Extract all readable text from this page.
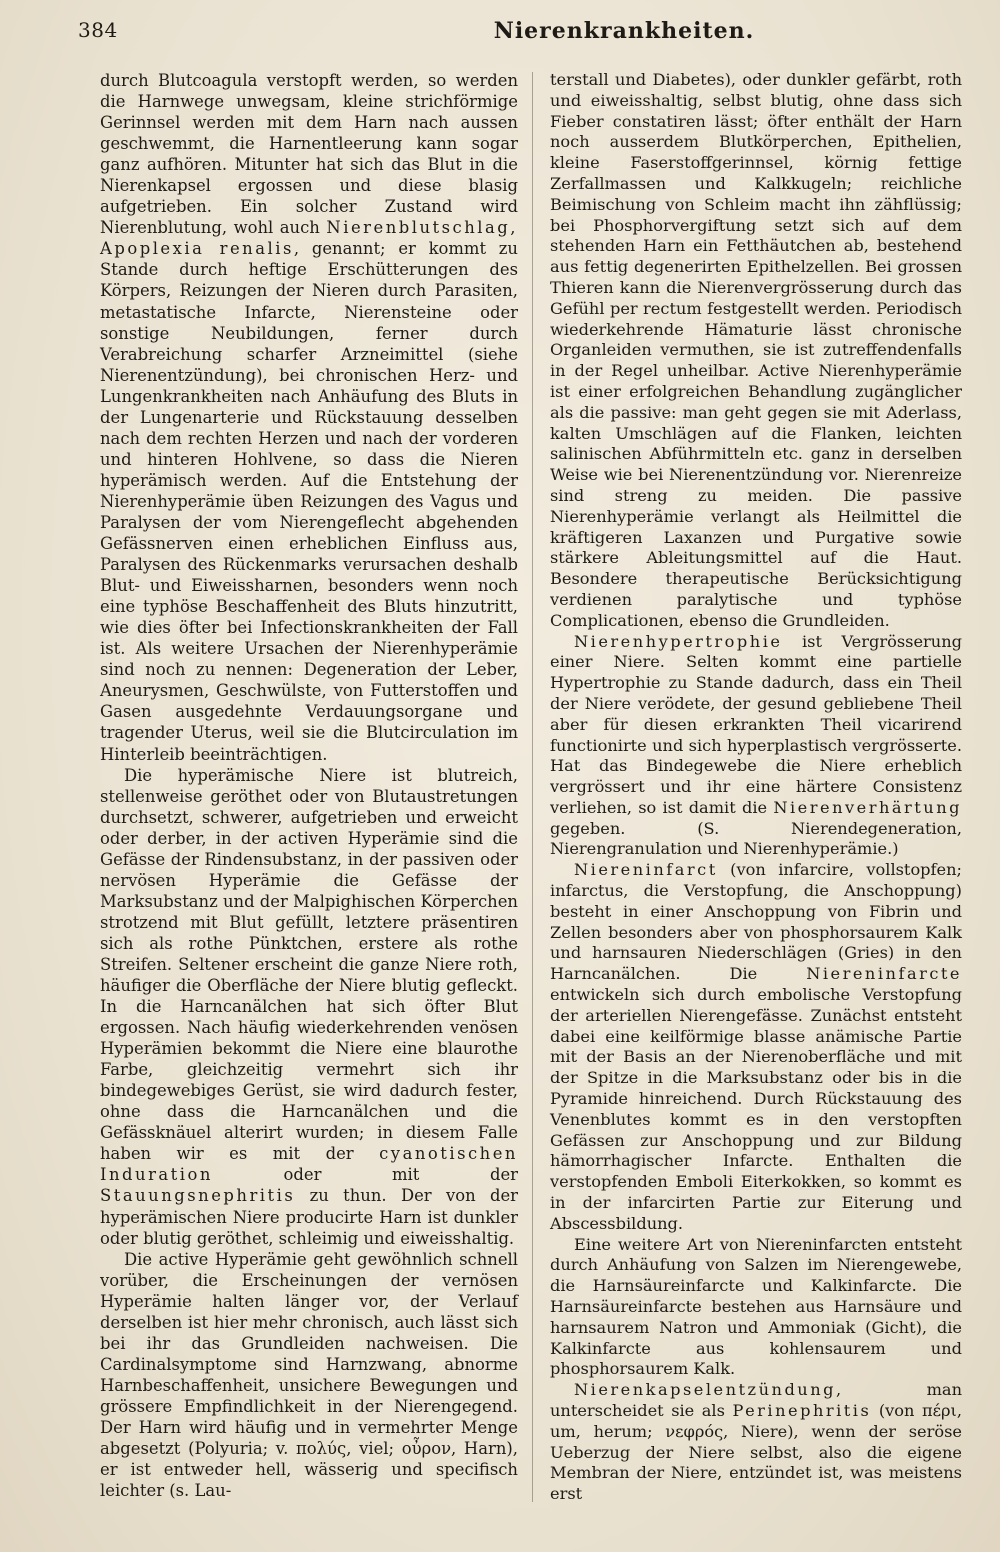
384	Nierenkrankheiten.

durch Blutcoagula verstopft werden, so werden die Harnwege unwegsam, kleine strichförmige Gerinnsel werden mit dem Harn nach aussen geschwemmt, die Harnentleerung kann sogar ganz aufhören. Mitunter hat sich das Blut in die Nierenkapsel ergossen und diese blasig aufgetrieben. Ein solcher Zustand wird Nierenblutung, wohl auch Nierenblutschlag, Apoplexia renalis, genannt; er kommt zu Stande durch heftige Erschütterungen des Körpers, Reizungen der Nieren durch Parasiten, metastatische Infarcte, Nierensteine oder sonstige Neubildungen, ferner durch Verabreichung scharfer Arzneimittel (siehe Nierenentzündung), bei chronischen Herz- und Lungenkrankheiten nach Anhäufung des Bluts in der Lungenarterie und Rückstauung desselben nach dem rechten Herzen und nach der vorderen und hinteren Hohlvene, so dass die Nieren hyperämisch werden. Auf die Entstehung der Nierenhyperämie üben Reizungen des Vagus und Paralysen der vom Nierengeflecht abgehenden Gefässnerven einen erheblichen Einfluss aus, Paralysen des Rückenmarks verursachen deshalb Blut- und Eiweissharnen, besonders wenn noch eine typhöse Beschaffenheit des Bluts hinzutritt, wie dies öfter bei Infectionskrankheiten der Fall ist. Als weitere Ursachen der Nierenhyperämie sind noch zu nennen: Degeneration der Leber, Aneurysmen, Geschwülste, von Futterstoffen und Gasen ausgedehnte Verdauungsorgane und tragender Uterus, weil sie die Blutcirculation im Hinterleib beeinträchtigen.

Die hyperämische Niere ist blutreich, stellenweise geröthet oder von Blutaustretungen durchsetzt, schwerer, aufgetrieben und erweicht oder derber, in der activen Hyperämie sind die Gefässe der Rindensubstanz, in der passiven oder nervösen Hyperämie die Gefässe der Marksubstanz und der Malpighischen Körperchen strotzend mit Blut gefüllt, letztere präsentiren sich als rothe Pünktchen, erstere als rothe Streifen. Seltener erscheint die ganze Niere roth, häufiger die Oberfläche der Niere blutig gefleckt. In die Harncanälchen hat sich öfter Blut ergossen. Nach häufig wiederkehrenden venösen Hyperämien bekommt die Niere eine blaurothe Farbe, gleichzeitig vermehrt sich ihr bindegewebiges Gerüst, sie wird dadurch fester, ohne dass die Harncanälchen und die Gefässknäuel alterirt wurden; in diesem Falle haben wir es mit der cyanotischen Induration oder mit der Stauungsnephritis zu thun. Der von der hyperämischen Niere producirte Harn ist dunkler oder blutig geröthet, schleimig und eiweisshaltig.

Die active Hyperämie geht gewöhnlich schnell vorüber, die Erscheinungen der vernösen Hyperämie halten länger vor, der Verlauf derselben ist hier mehr chronisch, auch lässt sich bei ihr das Grundleiden nachweisen. Die Cardinalsymptome sind Harnzwang, abnorme Harnbeschaffenheit, unsichere Bewegungen und grössere Empfindlichkeit in der Nierengegend. Der Harn wird häufig und in vermehrter Menge abgesetzt (Polyuria; v. πολύς, viel; οὖρον, Harn), er ist entweder hell, wässerig und specifisch leichter (s. Lau-

terstall und Diabetes), oder dunkler gefärbt, roth und eiweisshaltig, selbst blutig, ohne dass sich Fieber constatiren lässt; öfter enthält der Harn noch ausserdem Blutkörperchen, Epithelien, kleine Faserstoffgerinnsel, körnig fettige Zerfallmassen und Kalkkugeln; reichliche Beimischung von Schleim macht ihn zähflüssig; bei Phosphorvergiftung setzt sich auf dem stehenden Harn ein Fetthäutchen ab, bestehend aus fettig degenerirten Epithelzellen. Bei grossen Thieren kann die Nierenvergrösserung durch das Gefühl per rectum festgestellt werden. Periodisch wiederkehrende Hämaturie lässt chronische Organleiden vermuthen, sie ist zutreffendenfalls in der Regel unheilbar. Active Nierenhyperämie ist einer erfolgreichen Behandlung zugänglicher als die passive: man geht gegen sie mit Aderlass, kalten Umschlägen auf die Flanken, leichten salinischen Abführmitteln etc. ganz in derselben Weise wie bei Nierenentzündung vor. Nierenreize sind streng zu meiden. Die passive Nierenhyperämie verlangt als Heilmittel die kräftigeren Laxanzen und Purgative sowie stärkere Ableitungsmittel auf die Haut. Besondere therapeutische Berücksichtigung verdienen paralytische und typhöse Complicationen, ebenso die Grundleiden.

Nierenhypertrophie ist Vergrösserung einer Niere. Selten kommt eine partielle Hypertrophie zu Stande dadurch, dass ein Theil der Niere verödete, der gesund gebliebene Theil aber für diesen erkrankten Theil vicarirend functionirte und sich hyperplastisch vergrösserte. Hat das Bindegewebe die Niere erheblich vergrössert und ihr eine härtere Consistenz verliehen, so ist damit die Nierenverhärtung gegeben. (S. Nierendegeneration, Nierengranulation und Nierenhyperämie.)

Niereninfarct (von infarcire, vollstopfen; infarctus, die Verstopfung, die Anschoppung) besteht in einer Anschoppung von Fibrin und Zellen besonders aber von phosphorsaurem Kalk und harnsauren Niederschlägen (Gries) in den Harncanälchen. Die Niereninfarcte entwickeln sich durch embolische Verstopfung der arteriellen Nierengefässe. Zunächst entsteht dabei eine keilförmige blasse anämische Partie mit der Basis an der Nierenoberfläche und mit der Spitze in die Marksubstanz oder bis in die Pyramide hinreichend. Durch Rückstauung des Venenblutes kommt es in den verstopften Gefässen zur Anschoppung und zur Bildung hämorrhagischer Infarcte. Enthalten die verstopfenden Emboli Eiterkokken, so kommt es in der infarcirten Partie zur Eiterung und Abscessbildung.

Eine weitere Art von Niereninfarcten entsteht durch Anhäufung von Salzen im Nierengewebe, die Harnsäureinfarcte und Kalkinfarcte. Die Harnsäureinfarcte bestehen aus Harnsäure und harnsaurem Natron und Ammoniak (Gicht), die Kalkinfarcte aus kohlensaurem und phosphorsaurem Kalk.

Nierenkapselentzündung, man unterscheidet sie als Perinephritis (von πέρι, um, herum; νεφρός, Niere), wenn der seröse Ueberzug der Niere selbst, also die eigene Membran der Niere, entzündet ist, was meistens erst
